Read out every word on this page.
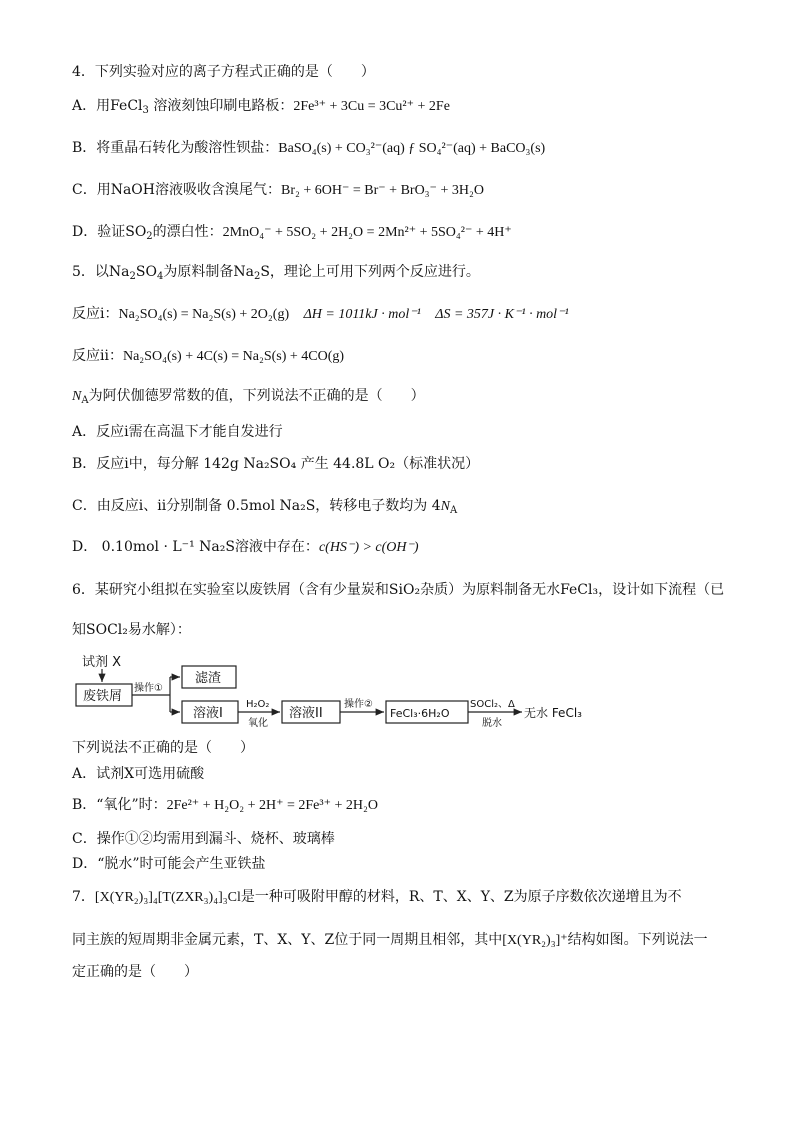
4．下列实验对应的离子方程式正确的是（　　）
A．用FeCl$_3$ 溶液刻蚀印刷电路板：2Fe³⁺ + 3Cu = 3Cu²⁺ + 2Fe
B．将重晶石转化为酸溶性钡盐：BaSO₄(s) + CO₃²⁻(aq) ƒ SO₄²⁻(aq) + BaCO₃(s)
C．用NaOH溶液吸收含溴尾气：Br₂ + 6OH⁻ = Br⁻ + BrO₃⁻ + 3H₂O
D．验证$SO_2$的漂白性：2MnO₄⁻ + 5SO₂ + 2H₂O = 2Mn²⁺ + 5SO₄²⁻ + 4H⁺
5．以$Na_2SO_4$为原料制备$Na_2S$，理论上可用下列两个反应进行。
反应ⅰ：Na₂SO₄(s) = Na₂S(s) + 2O₂(g) ΔH = 1011kJ · mol⁻¹ ΔS = 357J · K⁻¹ · mol⁻¹
反应ⅱ：Na₂SO₄(s) + 4C(s) = Na₂S(s) + 4CO(g)
$N_A$为阿伏伽德罗常数的值，下列说法不正确的是（　　）
A．反应ⅰ需在高温下才能自发进行
B．反应ⅰ中，每分解 142g Na₂SO₄ 产生 44.8L O₂（标准状况）
C．由反应ⅰ、ⅱ分别制备 0.5mol Na₂S，转移电子数均为 $4N_A$
D． 0.10mol · L⁻¹ Na₂S溶液中存在：c(HS⁻) > c(OH⁻)
6．某研究小组拟在实验室以废铁屑（含有少量炭和SiO₂杂质）为原料制备无水FeCl₃，设计如下流程（已
知SOCl₂易水解）：
试剂 X
废铁屑
操作①
滤渣
溶液I
H₂O₂
氧化
溶液II
操作②
FeCl₃·6H₂O
SOCl₂、Δ
脱水
无水 FeCl₃
下列说法不正确的是（　　）
A．试剂X可选用硫酸
B．“氧化”时：2Fe²⁺ + H₂O₂ + 2H⁺ = 2Fe³⁺ + 2H₂O
C．操作①②均需用到漏斗、烧杯、玻璃棒
D．“脱水”时可能会产生亚铁盐
7．[X(YR₂)₃]₄[T(ZXR₃)₄]₃Cl是一种可吸附甲醇的材料，R、T、X、Y、Z为原子序数依次递增且为不
同主族的短周期非金属元素，T、X、Y、Z位于同一周期且相邻，其中[X(YR₂)₃]⁺结构如图。下列说法一
定正确的是（　　）
